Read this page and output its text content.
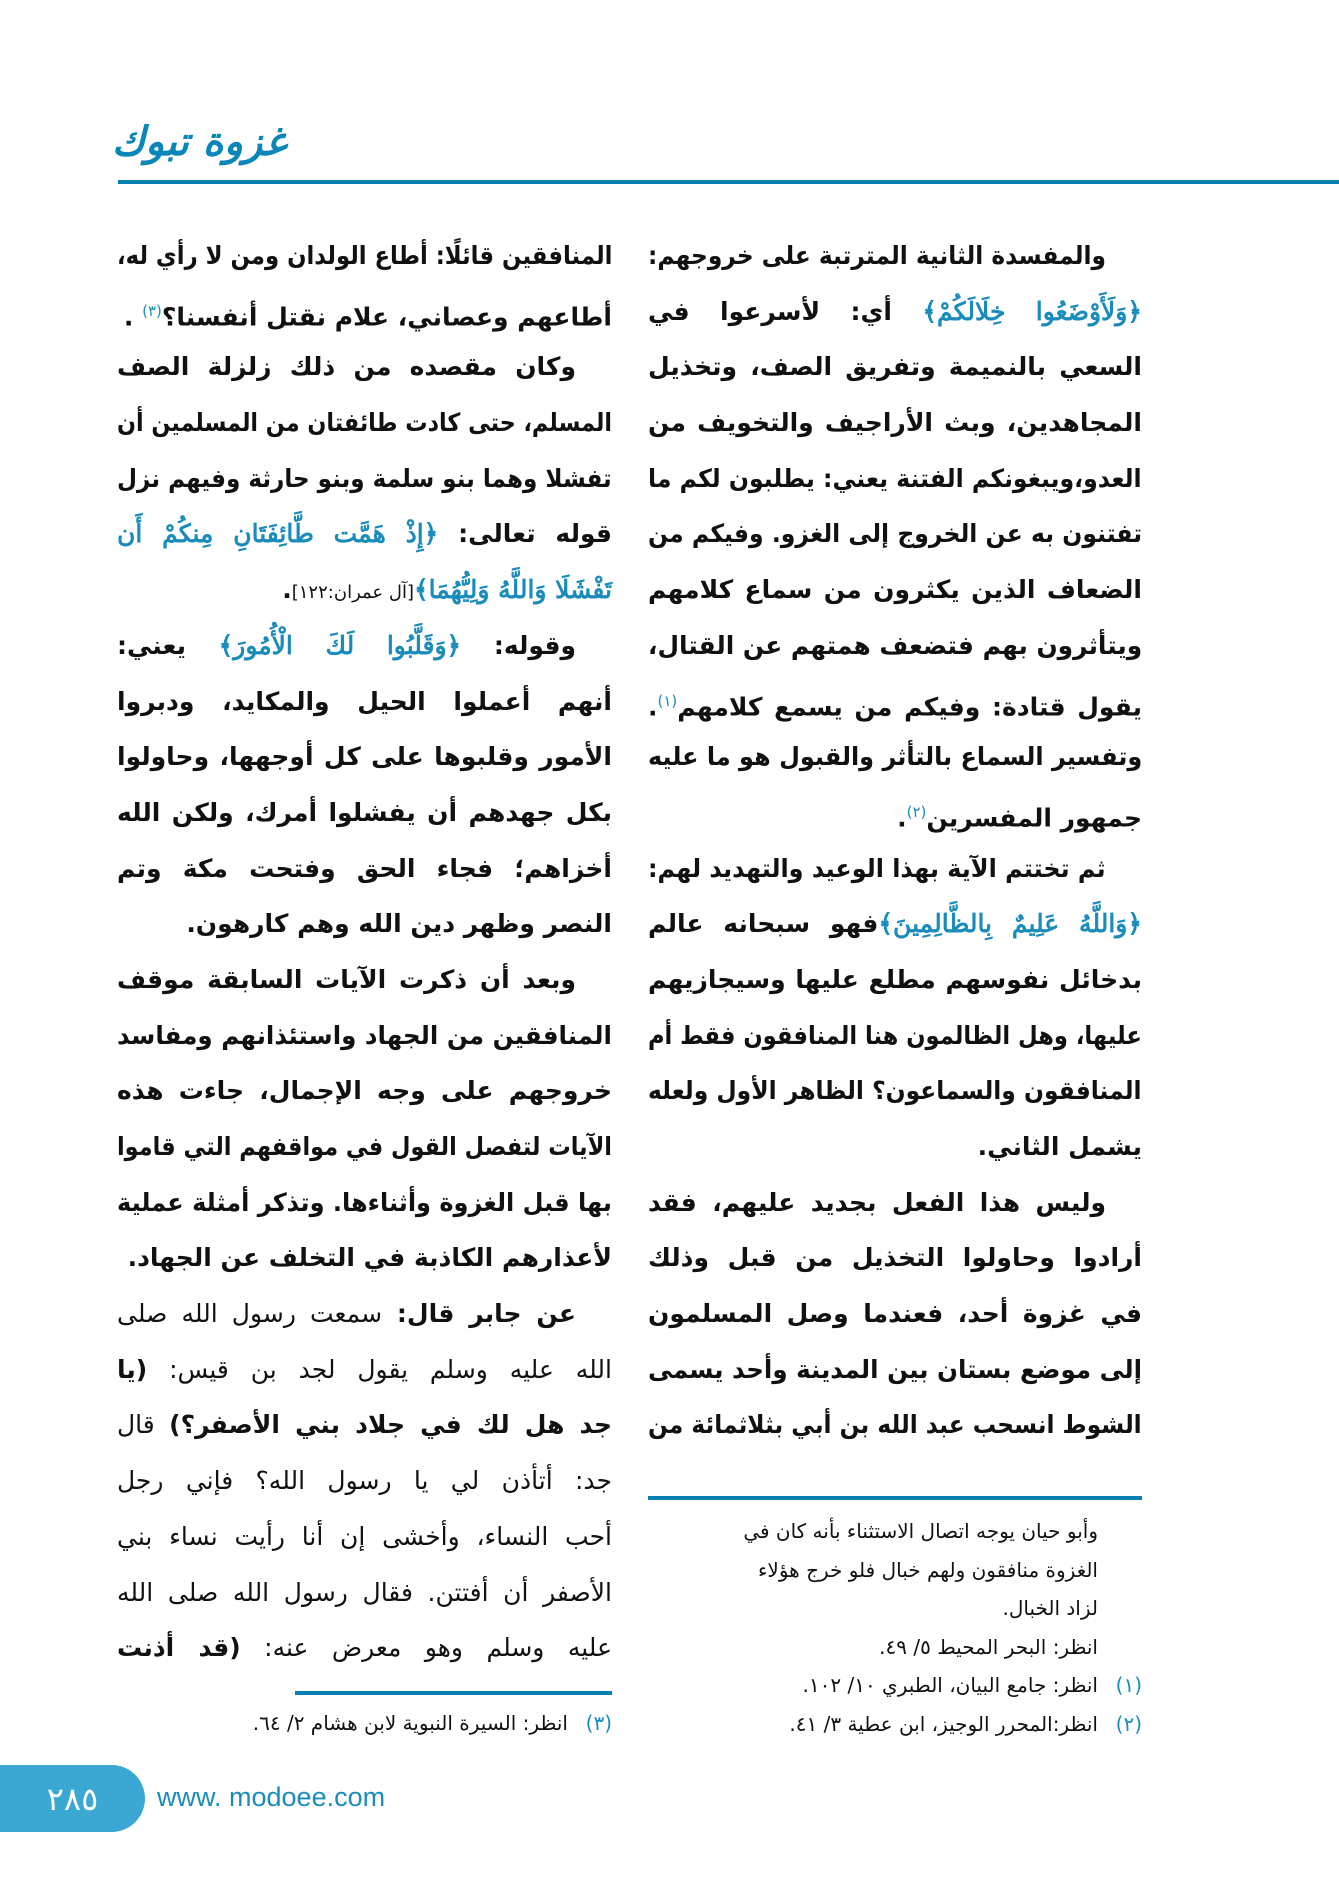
غزوة تبوك
والمفسدة الثانية المترتبة على خروجهم:
﴿وَلَأَوْضَعُوا خِلَالَكُمْ﴾ أي: لأسرعوا في
السعي بالنميمة وتفريق الصف، وتخذيل
المجاهدين، وبث الأراجيف والتخويف من
العدو،ويبغونكم الفتنة يعني: يطلبون لكم ما
تفتنون به عن الخروج إلى الغزو. وفيكم من
الضعاف الذين يكثرون من سماع كلامهم
ويتأثرون بهم فتضعف همتهم عن القتال،
يقول قتادة: وفيكم من يسمع كلامهم$^{(١)}$.
وتفسير السماع بالتأثر والقبول هو ما عليه
جمهور المفسرين$^{(٢)}$.
ثم تختتم الآية بهذا الوعيد والتهديد لهم:
﴿وَاللَّهُ عَلِيمٌ بِالظَّالِمِينَ﴾فهو سبحانه عالم
بدخائل نفوسهم مطلع عليها وسيجازيهم
عليها، وهل الظالمون هنا المنافقون فقط أم
المنافقون والسماعون؟ الظاهر الأول ولعله
يشمل الثاني.
وليس هذا الفعل بجديد عليهم، فقد
أرادوا وحاولوا التخذيل من قبل وذلك
في غزوة أحد، فعندما وصل المسلمون
إلى موضع بستان بين المدينة وأحد يسمى
الشوط انسحب عبد الله بن أبي بثلاثمائة من
المنافقين قائلًا: أطاع الولدان ومن لا رأي له،
أطاعهم وعصاني، علام نقتل أنفسنا؟$^{(٣)}$ .
وكان مقصده من ذلك زلزلة الصف
المسلم، حتى كادت طائفتان من المسلمين أن
تفشلا وهما بنو سلمة وبنو حارثة وفيهم نزل
قوله تعالى: ﴿إِذْ هَمَّت طَّائِفَتَانِ مِنكُمْ أَن
تَفْشَلَا وَاللَّهُ وَلِيُّهُمَا﴾[آل عمران:١٢٢].
وقوله: ﴿وَقَلَّبُوا لَكَ الْأُمُورَ﴾ يعني:
أنهم أعملوا الحيل والمكايد، ودبروا
الأمور وقلبوها على كل أوجهها، وحاولوا
بكل جهدهم أن يفشلوا أمرك، ولكن الله
أخزاهم؛ فجاء الحق وفتحت مكة وتم
النصر وظهر دين الله وهم كارهون.
وبعد أن ذكرت الآيات السابقة موقف
المنافقين من الجهاد واستئذانهم ومفاسد
خروجهم على وجه الإجمال، جاءت هذه
الآيات لتفصل القول في مواقفهم التي قاموا
بها قبل الغزوة وأثناءها. وتذكر أمثلة عملية
لأعذارهم الكاذبة في التخلف عن الجهاد.
عن جابر قال: سمعت رسول الله صلى
الله عليه وسلم يقول لجد بن قيس: (يا
جد هل لك في جلاد بني الأصفر؟) قال
جد: أتأذن لي يا رسول الله؟ فإني رجل
أحب النساء، وأخشى إن أنا رأيت نساء بني
الأصفر أن أفتتن. فقال رسول الله صلى الله
عليه وسلم وهو معرض عنه: (قد أذنت
وأبو حيان يوجه اتصال الاستثناء بأنه كان في
الغزوة منافقون ولهم خبال فلو خرج هؤلاء
لزاد الخبال.
انظر: البحر المحيط ٥/ ٤٩.
(١)انظر: جامع البيان، الطبري ١٠/ ١٠٢.
(٢)انظر:المحرر الوجيز، ابن عطية ٣/ ٤١.
(٣)انظر: السيرة النبوية لابن هشام ٢/ ٦٤.
٢٨٥ www. modoee.com
